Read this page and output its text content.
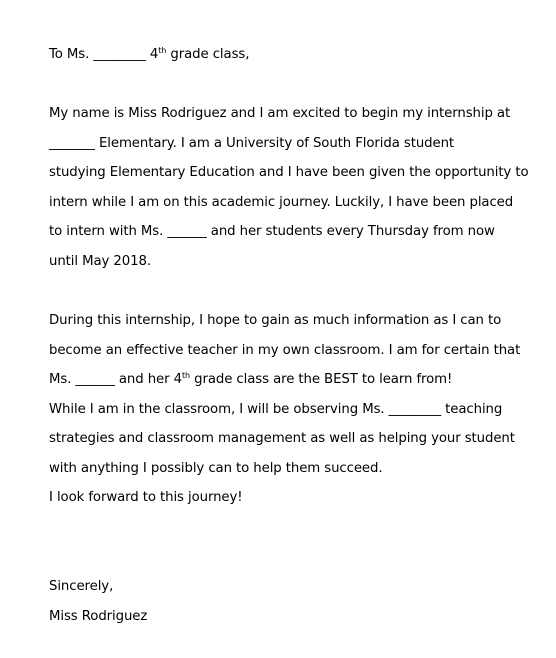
To Ms. ________ 4th grade class,
My name is Miss Rodriguez and I am excited to begin my internship at
_______ Elementary. I am a University of South Florida student
studying Elementary Education and I have been given the opportunity to
intern while I am on this academic journey. Luckily, I have been placed
to intern with Ms. ______ and her students every Thursday from now
until May 2018.
During this internship, I hope to gain as much information as I can to
become an effective teacher in my own classroom. I am for certain that
Ms. ______ and her 4th grade class are the BEST to learn from!
While I am in the classroom, I will be observing Ms. ________ teaching
strategies and classroom management as well as helping your student
with anything I possibly can to help them succeed.
I look forward to this journey!
Sincerely,
Miss Rodriguez
